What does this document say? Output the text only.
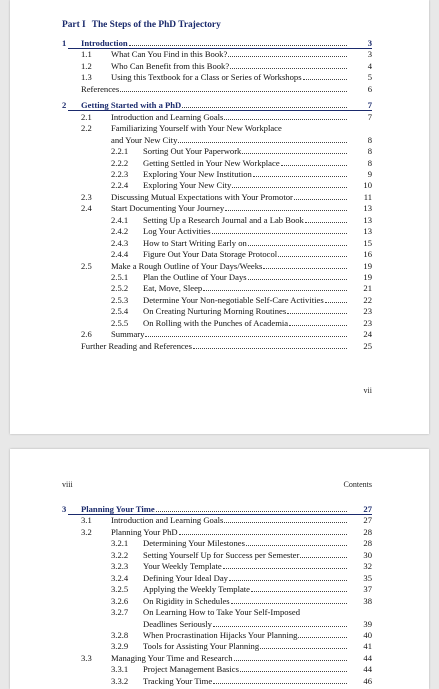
Part I The Steps of the PhD Trajectory
1 Introduction	3
1.1 What Can You Find in this Book?	3
1.2 Who Can Benefit from this Book?	4
1.3 Using this Textbook for a Class or Series of Workshops	5
References	6
2 Getting Started with a PhD	7
2.1 Introduction and Learning Goals	7
2.2 Familiarizing Yourself with Your New Workplace
and Your New City	8
2.2.1 Sorting Out Your Paperwork	8
2.2.2 Getting Settled in Your New Workplace	8
2.2.3 Exploring Your New Institution	9
2.2.4 Exploring Your New City	10
2.3 Discussing Mutual Expectations with Your Promotor	11
2.4 Start Documenting Your Journey	13
2.4.1 Setting Up a Research Journal and a Lab Book	13
2.4.2 Log Your Activities	13
2.4.3 How to Start Writing Early on	15
2.4.4 Figure Out Your Data Storage Protocol	16
2.5 Make a Rough Outline of Your Days/Weeks	19
2.5.1 Plan the Outline of Your Days	19
2.5.2 Eat, Move, Sleep	21
2.5.3 Determine Your Non-negotiable Self-Care Activities	22
2.5.4 On Creating Nurturing Morning Routines	23
2.5.5 On Rolling with the Punches of Academia	23
2.6 Summary	24
Further Reading and References	25
vii
viii	Contents
3 Planning Your Time	27
3.1 Introduction and Learning Goals	27
3.2 Planning Your PhD	28
3.2.1 Determining Your Milestones	28
3.2.2 Setting Yourself Up for Success per Semester	30
3.2.3 Your Weekly Template	32
3.2.4 Defining Your Ideal Day	35
3.2.5 Applying the Weekly Template	37
3.2.6 On Rigidity in Schedules	38
3.2.7 On Learning How to Take Your Self-Imposed
Deadlines Seriously	39
3.2.8 When Procrastination Hijacks Your Planning	40
3.2.9 Tools for Assisting Your Planning	41
3.3 Managing Your Time and Research	44
3.3.1 Project Management Basics	44
3.3.2 Tracking Your Time	46
